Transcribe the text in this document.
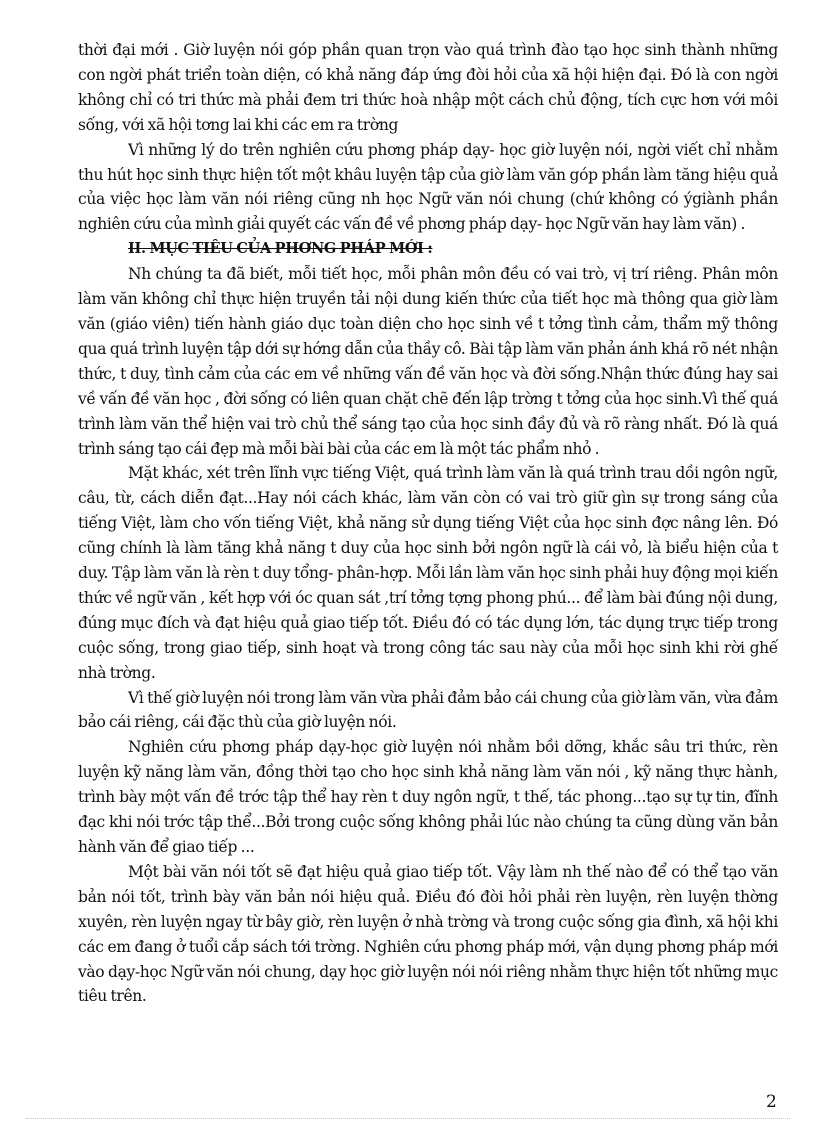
thời đại mới . Giờ luyện nói góp phần quan trọn vào quá trình đào tạo học sinh thành những con ngời phát triển toàn diện, có khả năng đáp ứng đòi hỏi của xã hội hiện đại. Đó là con ngời không chỉ có tri thức mà phải đem tri thức hoà nhập một cách chủ động, tích cực hơn với môi sống, với xã hội tơng lai khi các em ra trờng

Vì những lý do trên nghiên cứu phơng pháp dạy- học giờ luyện nói, ngời viết chỉ nhằm thu hút học sinh thực hiện tốt một khâu luyện tập của giờ làm văn góp phần làm tăng hiệu quả của việc học làm văn nói riêng cũng nh học Ngữ văn nói chung (chứ không có ýgiành phần nghiên cứu của mình giải quyết các vấn đề về phơng pháp dạy- học Ngữ văn hay làm văn) .

II. MỤC TIÊU CỦA PHƠNG PHÁP MỚI :

Nh chúng ta đã biết, mỗi tiết học, mỗi phân môn đều có vai trò, vị trí riêng. Phân môn làm văn không chỉ thực hiện truyền tải nội dung kiến thức của tiết học mà thông qua giờ làm văn (giáo viên) tiến hành giáo dục toàn diện cho học sinh về t tởng tình cảm, thẩm mỹ thông qua quá trình luyện tập dới sự hớng dẫn của thầy cô. Bài tập làm văn phản ánh khá rõ nét nhận thức, t duy, tình cảm của các em về những vấn đề văn học và đời sống.Nhận thức đúng hay sai về vấn đề văn học , đời sống có liên quan chặt chẽ đến lập trờng t tởng của học sinh.Vì thế quá trình làm văn thể hiện vai trò chủ thể sáng tạo của học sinh đầy đủ và rõ ràng nhất. Đó là quá trình sáng tạo cái đẹp mà mỗi bài bài của các em là một tác phẩm nhỏ .

Mặt khác, xét trên lĩnh vực tiếng Việt, quá trình làm văn là quá trình trau dồi ngôn ngữ, câu, từ, cách diễn đạt...Hay nói cách khác, làm văn còn có vai trò giữ gìn sự trong sáng của tiếng Việt, làm cho vốn tiếng Việt, khả năng sử dụng tiếng Việt của học sinh đợc nâng lên. Đó cũng chính là làm tăng khả năng t duy của học sinh bởi ngôn ngữ là cái vỏ, là biểu hiện của t duy. Tập làm văn là rèn t duy tổng- phân-hợp. Mỗi lần làm văn học sinh phải huy động mọi kiến thức về ngữ văn , kết hợp với óc quan sát ,trí tởng tợng phong phú... để làm bài đúng nội dung, đúng mục đích và đạt hiệu quả giao tiếp tốt. Điều đó có tác dụng lớn, tác dụng trực tiếp trong cuộc sống, trong giao tiếp, sinh hoạt và trong công tác sau này của mỗi học sinh khi rời ghế nhà trờng.

Vì thế giờ luyện nói trong làm văn vừa phải đảm bảo cái chung của giờ làm văn, vừa đảm bảo cái riêng, cái đặc thù của giờ luyện nói.

Nghiên cứu phơng pháp dạy-học giờ luyện nói nhằm bồi dỡng, khắc sâu tri thức, rèn luyện kỹ năng làm văn, đồng thời tạo cho học sinh khả năng làm văn nói , kỹ năng thực hành, trình bày một vấn đề trớc tập thể hay rèn t duy ngôn ngữ, t thế, tác phong...tạo sự tự tin, đĩnh đạc khi nói trớc tập thể...Bởi trong cuộc sống không phải lúc nào chúng ta cũng dùng văn bản hành văn để giao tiếp ...

Một bài văn nói tốt sẽ đạt hiệu quả giao tiếp tốt. Vậy làm nh thế nào để có thể tạo văn bản nói tốt, trình bày văn bản nói hiệu quả. Điều đó đòi hỏi phải rèn luyện, rèn luyện thờng xuyên, rèn luyện ngay từ bây giờ, rèn luyện ở nhà trờng và trong cuộc sống gia đình, xã hội khi các em đang ở tuổi cắp sách tới trờng. Nghiên cứu phơng pháp mới, vận dụng phơng pháp mới vào dạy-học Ngữ văn nói chung, dạy học giờ luyện nói nói riêng nhằm thực hiện tốt những mục tiêu trên.

2
